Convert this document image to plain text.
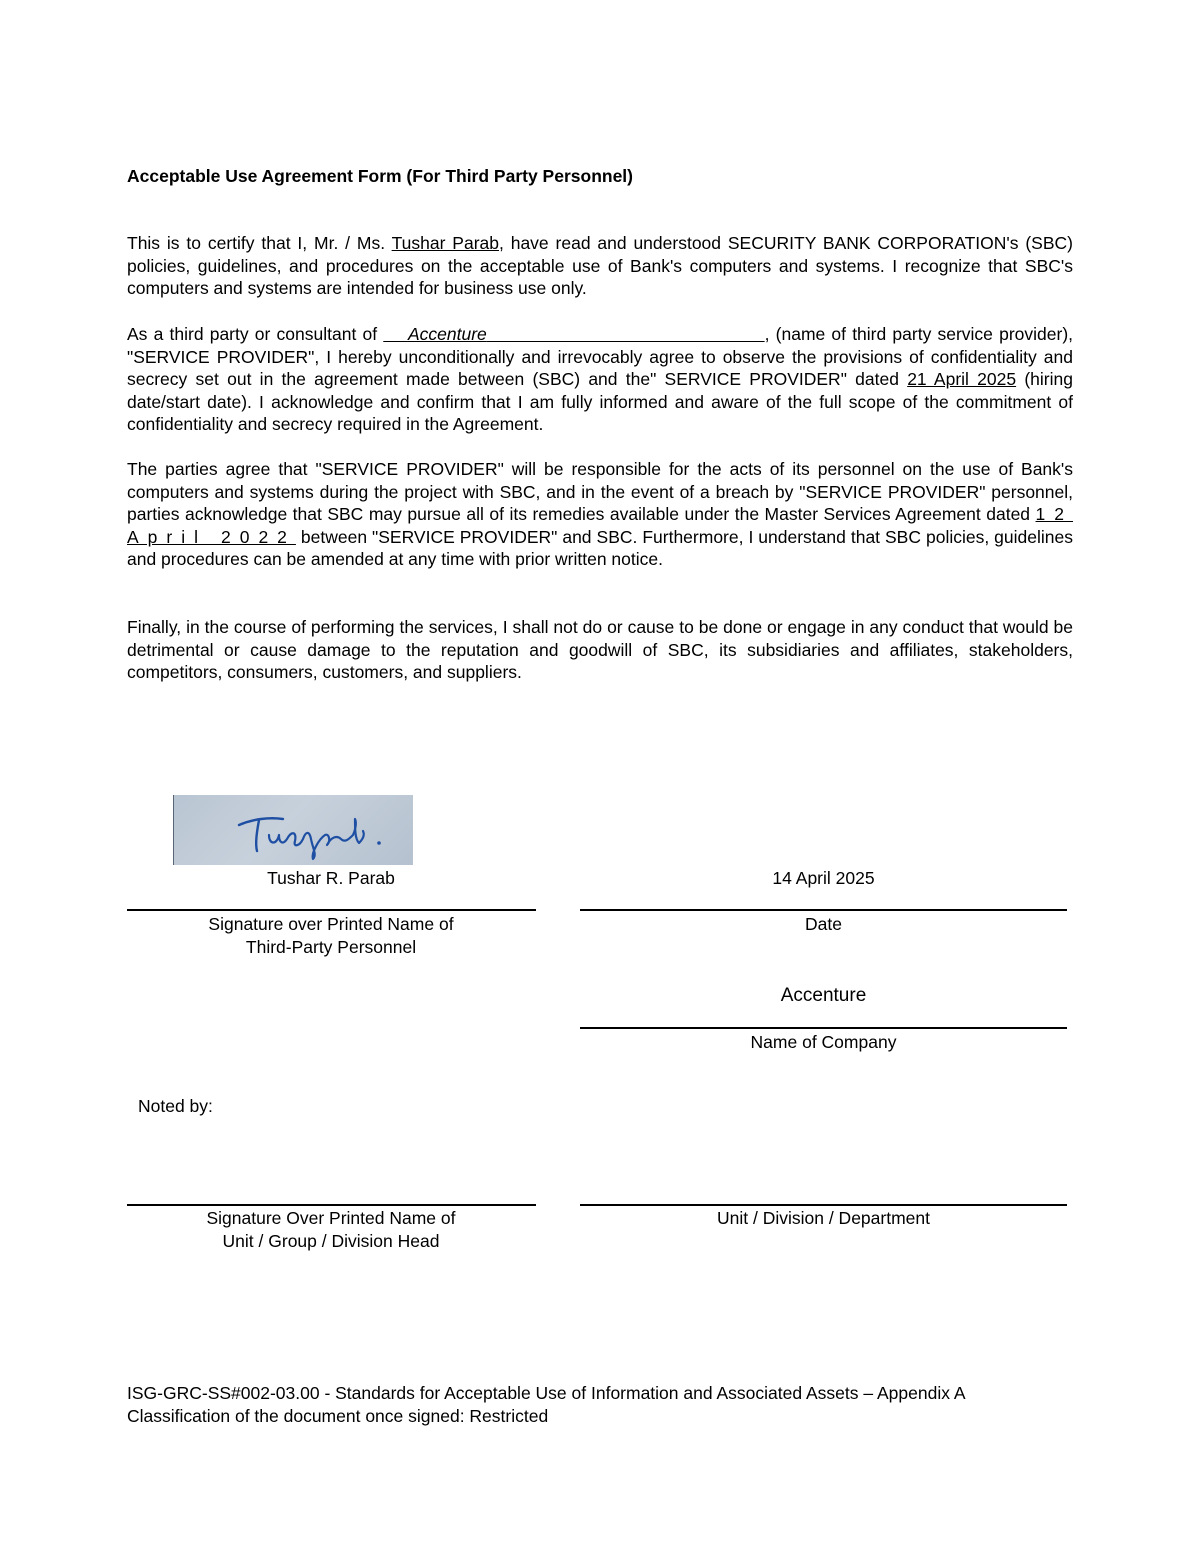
Acceptable Use Agreement Form (For Third Party Personnel)

This is to certify that I, Mr. / Ms. Tushar Parab, have read and understood SECURITY BANK CORPORATION's (SBC) policies, guidelines, and procedures on the acceptable use of Bank's computers and systems. I recognize that SBC's computers and systems are intended for business use only.

As a third party or consultant of     Accenture	, (name of third party service provider), "SERVICE PROVIDER", I hereby unconditionally and irrevocably agree to observe the provisions of confidentiality and secrecy set out in the agreement made between (SBC) and the" SERVICE PROVIDER" dated 21 April 2025 (hiring date/start date). I acknowledge and confirm that I am fully informed and aware of the full scope of the commitment of confidentiality and secrecy required in the Agreement.

The parties agree that "SERVICE PROVIDER" will be responsible for the acts of its personnel on the use of Bank's computers and systems during the project with SBC, and in the event of a breach by "SERVICE PROVIDER" personnel, parties acknowledge that SBC may pursue all of its remedies available under the Master Services Agreement dated 12 April 2022 between "SERVICE PROVIDER" and SBC. Furthermore, I understand that SBC policies, guidelines and procedures can be amended at any time with prior written notice.

Finally, in the course of performing the services, I shall not do or cause to be done or engage in any conduct that would be detrimental or cause damage to the reputation and goodwill of SBC, its subsidiaries and affiliates, stakeholders, competitors, consumers, customers, and suppliers.

Tushar R. Parab

Signature over Printed Name of
Third-Party Personnel

14 April 2025

Date

Accenture

Name of Company

Noted by:

Signature Over Printed Name of
Unit / Group / Division Head

Unit / Division / Department

ISG-GRC-SS#002-03.00 - Standards for Acceptable Use of Information and Associated Assets – Appendix A
Classification of the document once signed: Restricted
